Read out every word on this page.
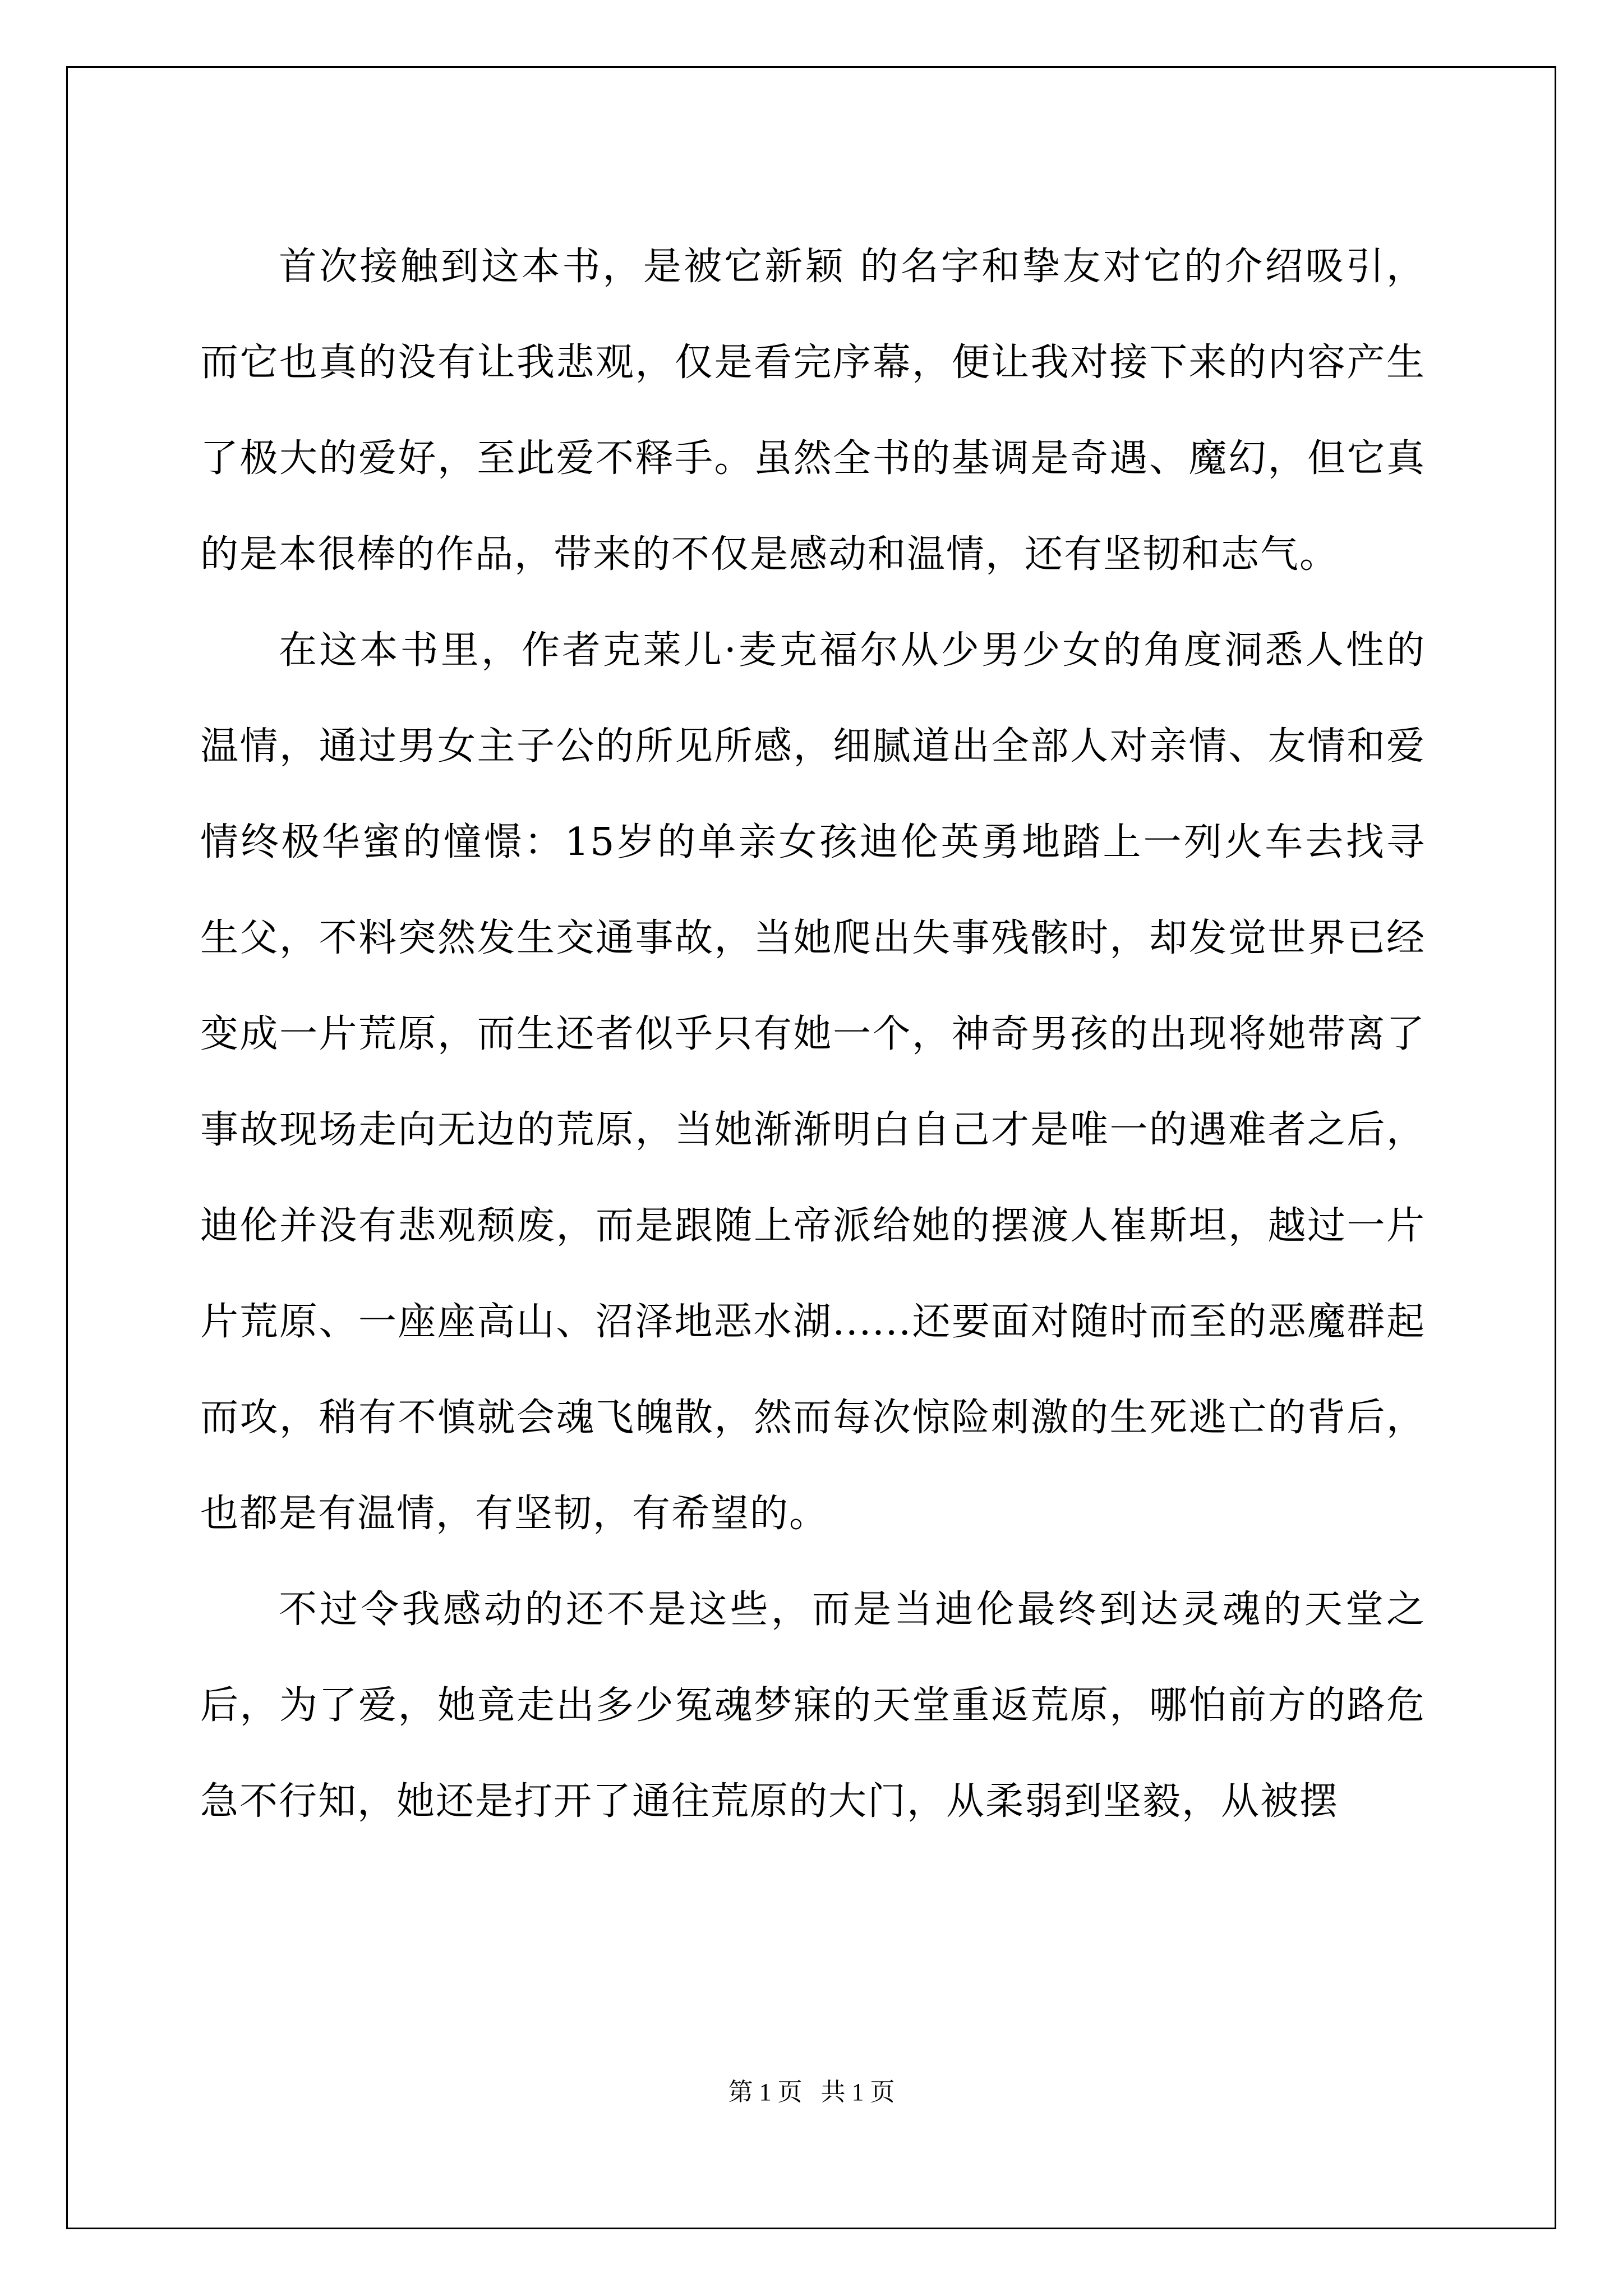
首次接触到这本书，是被它新颖 的名字和挚友对它的介绍吸引，而它也真的没有让我悲观，仅是看完序幕，便让我对接下来的内容产生了极大的爱好，至此爱不释手。虽然全书的基调是奇遇、魔幻，但它真的是本很棒的作品，带来的不仅是感动和温情，还有坚韧和志气。

在这本书里，作者克莱儿·麦克福尔从少男少女的角度洞悉人性的温情，通过男女主子公的所见所感，细腻道出全部人对亲情、友情和爱情终极华蜜的憧憬：15岁的单亲女孩迪伦英勇地踏上一列火车去找寻生父，不料突然发生交通事故，当她爬出失事残骸时，却发觉世界已经变成一片荒原，而生还者似乎只有她一个，神奇男孩的出现将她带离了事故现场走向无边的荒原，当她渐渐明白自己才是唯一的遇难者之后，迪伦并没有悲观颓废，而是跟随上帝派给她的摆渡人崔斯坦，越过一片片荒原、一座座高山、沼泽地恶水湖......还要面对随时而至的恶魔群起而攻，稍有不慎就会魂飞魄散，然而每次惊险刺激的生死逃亡的背后，也都是有温情，有坚韧，有希望的。

不过令我感动的还不是这些，而是当迪伦最终到达灵魂的天堂之后，为了爱，她竟走出多少冤魂梦寐的天堂重返荒原，哪怕前方的路危急不行知，她还是打开了通往荒原的大门，从柔弱到坚毅，从被摆

第 1 页 共 1 页
